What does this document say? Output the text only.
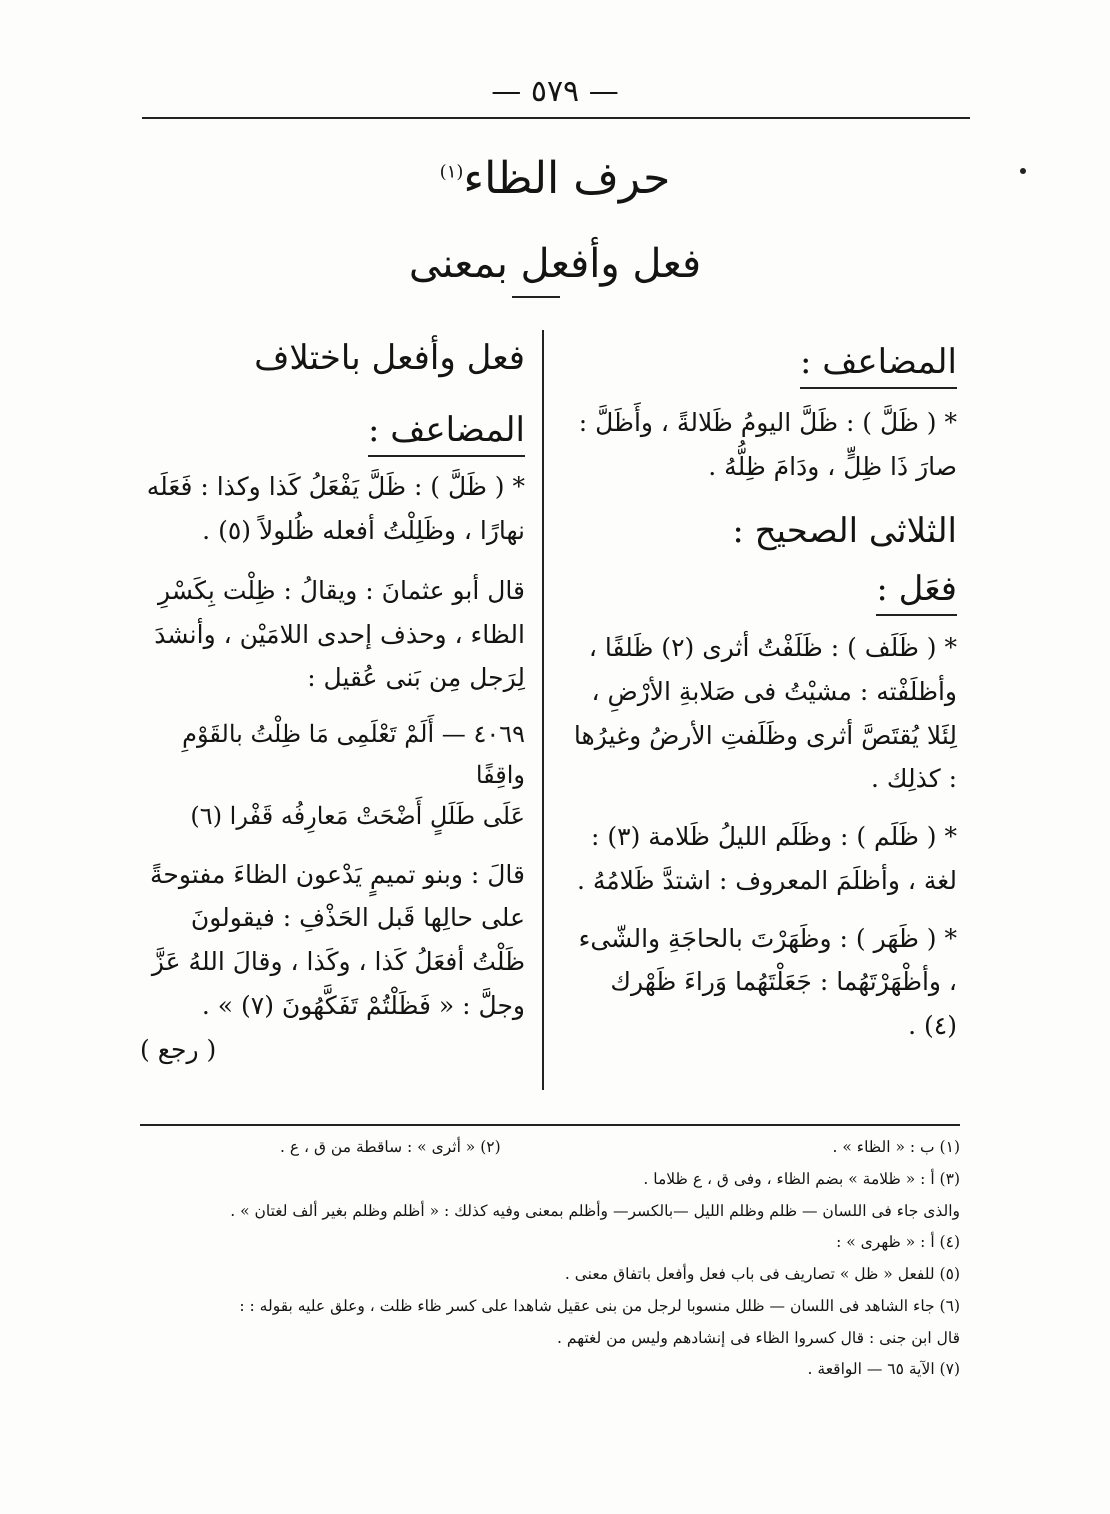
— ٥٧٩ —
حرف الظاء$^{(١)}$
فعل وأفعل بمعنى
المضاعف :
* ( ظَلَّ ) : ظَلَّ اليومُ ظَلالةً ، وأَظَلَّ : صارَ ذَا ظِلٍّ ، ودَامَ ظِلُّهُ .
الثلاثى الصحيح :
فعَل :
* ( ظَلَف ) : ظَلَفْتُ أثرى (٢) ظَلفًا ، وأظلَفْته : مشيْتُ فى صَلابةِ الأرْضِ ، لِئَلا يُقتَصَّ أثرى وظَلَفتِ الأرضُ وغيرُها : كذلِك .
* ( ظَلَم ) : وظَلَم الليلُ ظَلامة (٣) : لغة ، وأظلَمَ المعروف : اشتدَّ ظَلامُهُ .
* ( ظَهَر ) : وظَهَرْتَ بالحاجَةِ والشّىء ، وأظْهَرْتَهُما : جَعَلْتَهُما وَراءَ ظَهْرك (٤) .
فعل وأفعل باختلاف
المضاعف :
* ( ظَلَّ ) : ظَلَّ يَفْعَلُ كَذا وكذا : فَعَلَه نهارًا ، وظَلِلْتُ أفعله ظُلولاً (٥) .
قال أبو عثمانَ : ويقالُ : ظِلْت بِكَسْرِ الظاء ، وحذف إحدى اللامَيْن ، وأنشدَ لِرَجل مِن بَنى عُقيل :
٤٠٦٩ — أَلَمْ تَعْلَمِى مَا ظِلْتُ بالقَوْمِ واقِفًا
عَلَى طَلَلٍ أَضْحَتْ مَعارِفُه قَفْرا (٦)
قالَ : وبنو تميمٍ يَدْعون الظاءَ مفتوحةً على حالِها قَبل الحَذْفِ : فيقولونَ ظَلْتُ أفعَلُ كَذا ، وكَذا ، وقالَ اللهُ عَزَّ وجلَّ : « فَظَلْتُمْ تَفَكَّهُونَ (٧) » .
( رجع )
(١) ب : « الظاء » .
(٢) « أثرى » : ساقطة من ق ، ع .
(٣) أ : « ظلامة » بضم الظاء ، وفى ق ، ع ظلاما .
والذى جاء فى اللسان — ظلم وظلم الليل —بالكسر— وأظلم بمعنى وفيه كذلك : « أظلم وظلم بغير ألف لغتان » .
(٤) أ : « ظهرى » :
(٥) للفعل « ظل » تصاريف فى باب فعل وأفعل باتفاق معنى .
(٦) جاء الشاهد فى اللسان — ظلل منسوبا لرجل من بنى عقيل شاهدا على كسر ظاء ظلت ، وعلق عليه بقوله : :
قال ابن جنى : قال كسروا الظاء فى إنشادهم وليس من لغتهم .
(٧) الآية ٦٥ — الواقعة .
